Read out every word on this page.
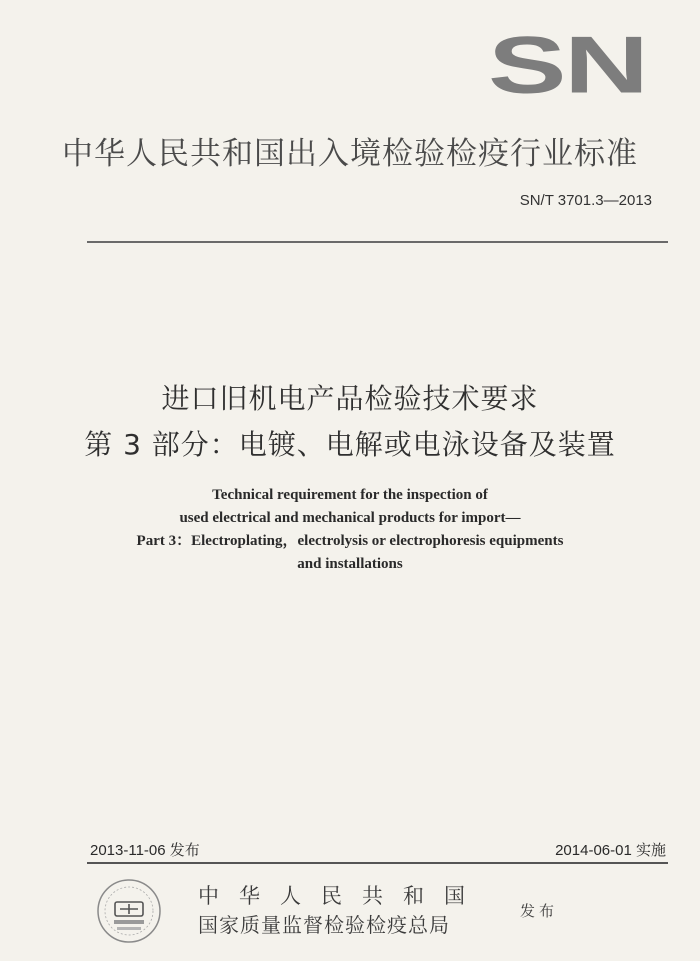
SN
中华人民共和国出入境检验检疫行业标准
SN/T 3701.3—2013
进口旧机电产品检验技术要求
第 3 部分：电镀、电解或电泳设备及装置
Technical requirement for the inspection of
used electrical and mechanical products for import—
Part 3：Electroplating，electrolysis or electrophoresis equipments
and installations
2013-11-06 发布	2014-06-01 实施
中华人民共和国
国家质量监督检验检疫总局
发布
